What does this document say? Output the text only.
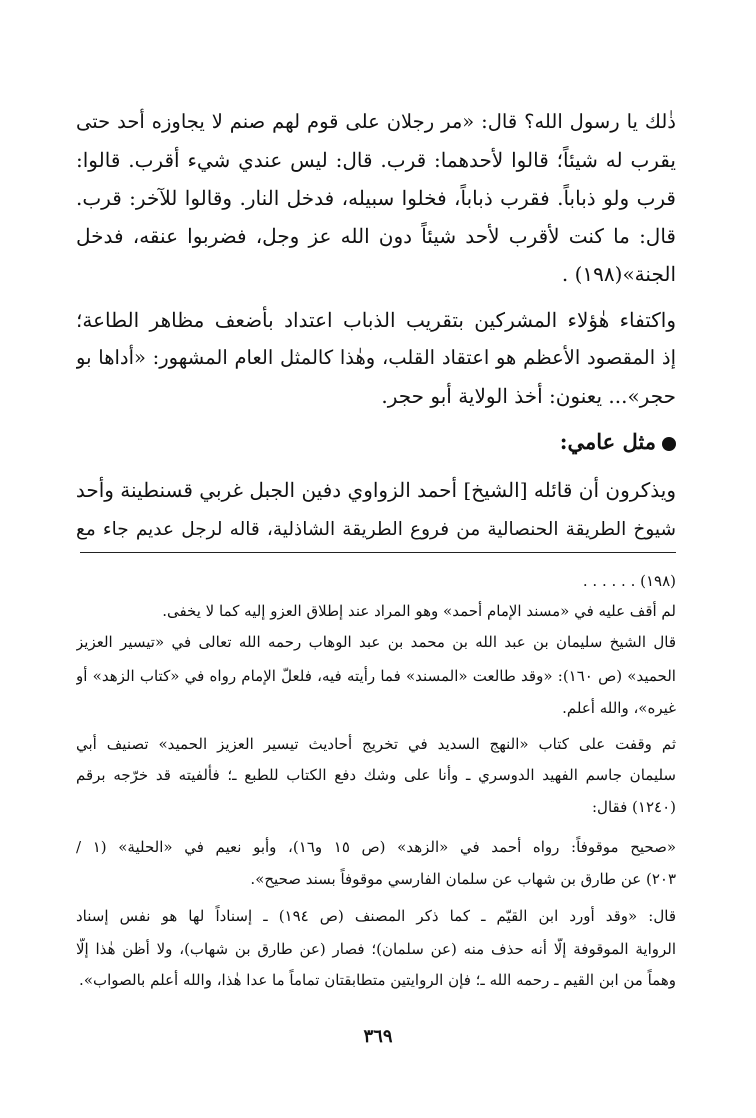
ذٰلك يا رسول الله؟ قال: «مر رجلان على قوم لهم صنم لا يجاوزه أحد حتى
يقرب له شيئاً؛ قالوا لأحدهما: قرب. قال: ليس عندي شيء أقرب. قالوا:
قرب ولو ذباباً. فقرب ذباباً، فخلوا سبيله، فدخل النار. وقالوا للآخر: قرب.
قال: ما كنت لأقرب لأحد شيئاً دون الله عز وجل، فضربوا عنقه، فدخل
الجنة»(١٩٨) .
واكتفاء هٰؤلاء المشركين بتقريب الذباب اعتداد بأضعف مظاهر الطاعة؛
إذ المقصود الأعظم هو اعتقاد القلب، وهٰذا كالمثل العام المشهور: «أداها بو
حجر»... يعنون: أخذ الولاية أبو حجر.
مثل عامي:
ويذكرون أن قائله [الشيخ] أحمد الزواوي دفين الجبل غربي قسنطينة وأحد
شيوخ الطريقة الحنصالية من فروع الطريقة الشاذلية، قاله لرجل عديم جاء مع
(١٩٨) . . . . . .
لم أقف عليه في «مسند الإمام أحمد» وهو المراد عند إطلاق العزو إليه كما لا يخفى.
قال الشيخ سليمان بن عبد الله بن محمد بن عبد الوهاب رحمه الله تعالى في «تيسير العزيز
الحميد» (ص ١٦٠): «وقد طالعت «المسند» فما رأيته فيه، فلعلّ الإمام رواه في «كتاب الزهد» أو
غيره»، والله أعلم.
ثم وقفت على كتاب «النهج السديد في تخريج أحاديث تيسير العزيز الحميد» تصنيف أبي
سليمان جاسم الفهيد الدوسري ـ وأنا على وشك دفع الكتاب للطبع ـ؛ فألفيته قد خرّجه برقم
(١٢٤٠) فقال:
«صحيح موقوفاً: رواه أحمد في «الزهد» (ص ١٥ و١٦)، وأبو نعيم في «الحلية» (١ /
٢٠٣) عن طارق بن شهاب عن سلمان الفارسي موقوفاً بسند صحيح».
قال: «وقد أورد ابن القيّم ـ كما ذكر المصنف (ص ١٩٤) ـ إسناداً لها هو نفس إسناد
الرواية الموقوفة إلّا أنه حذف منه (عن سلمان)؛ فصار (عن طارق بن شهاب)، ولا أظن هٰذا إلّا
وهماً من ابن القيم ـ رحمه الله ـ؛ فإن الروايتين متطابقتان تماماً ما عدا هٰذا، والله أعلم بالصواب».
٣٦٩
